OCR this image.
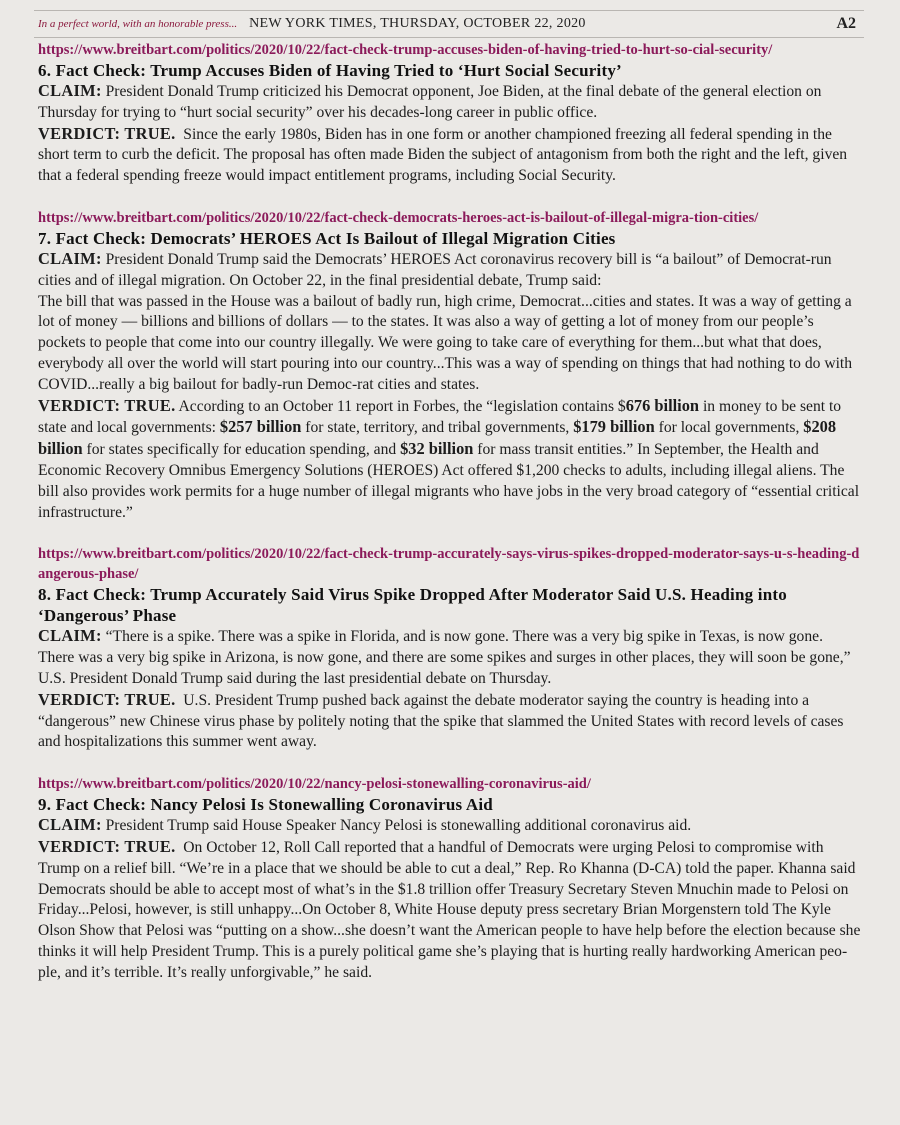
In a perfect world, with an honorable press... NEW YORK TIMES, THURSDAY, OCTOBER 22, 2020	A2
https://www.breitbart.com/politics/2020/10/22/fact-check-trump-accuses-biden-of-having-tried-to-hurt-so-cial-security/
6. Fact Check: Trump Accuses Biden of Having Tried to ‘Hurt Social Security’

CLAIM: President Donald Trump criticized his Democrat opponent, Joe Biden, at the final debate of the general election on Thursday for trying to “hurt social security” over his decades-long career in public office.

VERDICT: TRUE. Since the early 1980s, Biden has in one form or another championed freezing all federal spending in the short term to curb the deficit. The proposal has often made Biden the subject of antagonism from both the right and the left, given that a federal spending freeze would impact entitlement programs, including Social Security.

https://www.breitbart.com/politics/2020/10/22/fact-check-democrats-heroes-act-is-bailout-of-illegal-migra-tion-cities/
7. Fact Check: Democrats’ HEROES Act Is Bailout of Illegal Migration Cities

CLAIM: President Donald Trump said the Democrats’ HEROES Act coronavirus recovery bill is “a bailout” of Democrat-run cities and of illegal migration. On October 22, in the final presidential debate, Trump said:

The bill that was passed in the House was a bailout of badly run, high crime, Democrat...cities and states. It was a way of getting a lot of money — billions and billions of dollars — to the states. It was also a way of getting a lot of money from our people’s pockets to people that come into our country illegally. We were going to take care of everything for them...but what that does, everybody all over the world will start pouring into our country...This was a way of spending on things that had nothing to do with COVID...really a big bailout for badly-run Democ-rat cities and states.

VERDICT: TRUE. According to an October 11 report in Forbes, the “legislation contains $676 billion in money to be sent to state and local governments: $257 billion for state, territory, and tribal governments, $179 billion for local governments, $208 billion for states specifically for education spending, and $32 billion for mass transit entities.” In September, the Health and Economic Recovery Omnibus Emergency Solutions (HEROES) Act offered $1,200 checks to adults, including illegal aliens. The bill also provides work permits for a huge number of illegal migrants who have jobs in the very broad category of “essential critical infrastructure.”

https://www.breitbart.com/politics/2020/10/22/fact-check-trump-accurately-says-virus-spikes-dropped-moderator-says-u-s-heading-dangerous-phase/
8. Fact Check: Trump Accurately Said Virus Spike Dropped After Moderator Said U.S. Heading into ‘Dangerous’ Phase

CLAIM: “There is a spike. There was a spike in Florida, and is now gone. There was a very big spike in Texas, is now gone. There was a very big spike in Arizona, is now gone, and there are some spikes and surges in other places, they will soon be gone,” U.S. President Donald Trump said during the last presidential debate on Thursday.

VERDICT: TRUE. U.S. President Trump pushed back against the debate moderator saying the country is heading into a “dangerous” new Chinese virus phase by politely noting that the spike that slammed the United States with record levels of cases and hospitalizations this summer went away.

https://www.breitbart.com/politics/2020/10/22/nancy-pelosi-stonewalling-coronavirus-aid/
9. Fact Check: Nancy Pelosi Is Stonewalling Coronavirus Aid

CLAIM: President Trump said House Speaker Nancy Pelosi is stonewalling additional coronavirus aid.

VERDICT: TRUE. On October 12, Roll Call reported that a handful of Democrats were urging Pelosi to compromise with Trump on a relief bill. “We’re in a place that we should be able to cut a deal,” Rep. Ro Khanna (D-CA) told the paper. Khanna said Democrats should be able to accept most of what’s in the $1.8 trillion offer Treasury Secretary Steven Mnuchin made to Pelosi on Friday...Pelosi, however, is still unhappy...On October 8, White House deputy press secretary Brian Morgenstern told The Kyle Olson Show that Pelosi was “putting on a show...she doesn’t want the American people to have help before the election because she thinks it will help President Trump. This is a purely political game she’s playing that is hurting really hardworking American peo-ple, and it’s terrible. It’s really unforgivable,” he said.
